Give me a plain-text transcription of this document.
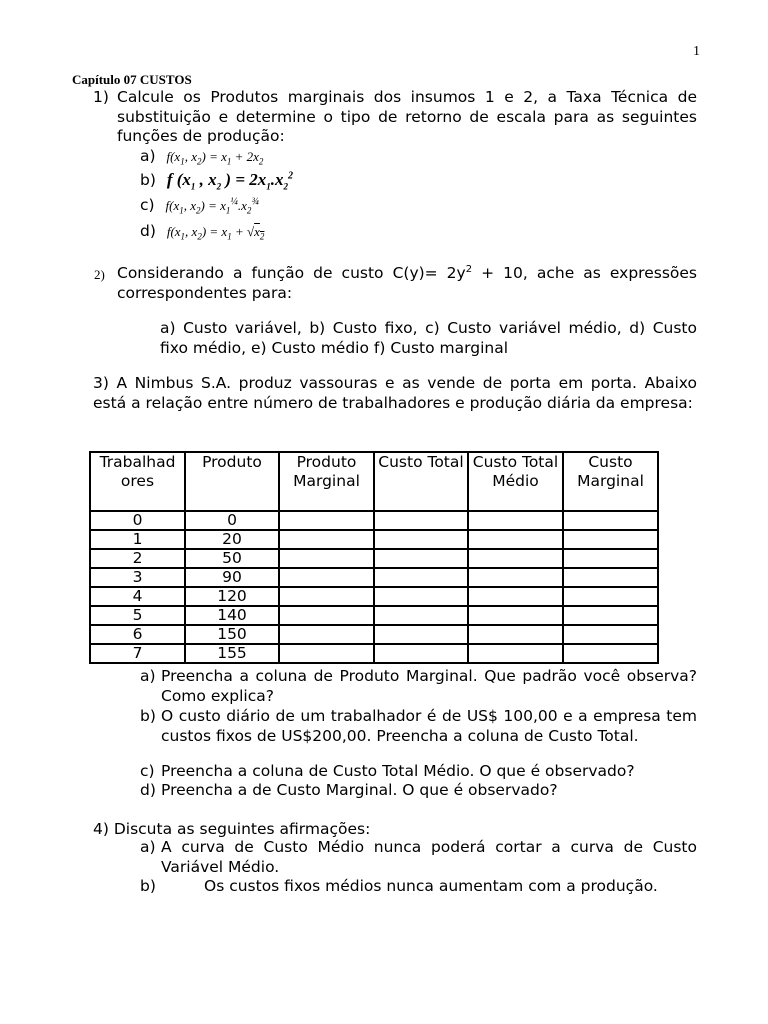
1
Capítulo 07 CUSTOS
1) Calcule os Produtos marginais dos insumos 1 e 2, a Taxa Técnica de substituição e determine o tipo de retorno de escala para as seguintes funções de produção:
a) $f(x_1$, $x_2) = x_1 + 2x_2$
b) f ($x_1$ , $x_2$ ) = $2x_1.x_2^2$
c) $f(x_1$, $x_2) = x_1^{\frac{1}{4}}.x_2^{\frac{3}{4}}$
d) $f(x_1$, $x_2) = x_1 + √x_2$
2) Considerando a função de custo $C(y)= 2y^2 + 10$, ache as expressões correspondentes para:
a) Custo variável, b) Custo fixo, c) Custo variável médio, d) Custo fixo médio, e) Custo médio f) Custo marginal
3) A Nimbus S.A. produz vassouras e as vende de porta em porta. Abaixo está a relação entre número de trabalhadores e produção diária da empresa:
Trabalhad ores	Produto	Produto Marginal	Custo Total	Custo Total Médio	Custo Marginal
0	0				
1	20				
2	50				
3	90				
4	120				
5	140				
6	150				
7	155				
a) Preencha a coluna de Produto Marginal. Que padrão você observa? Como explica?
b) O custo diário de um trabalhador é de US$ 100,00 e a empresa tem custos fixos de US$200,00. Preencha a coluna de Custo Total.
c) Preencha a coluna de Custo Total Médio. O que é observado?
d) Preencha a de Custo Marginal. O que é observado?
4) Discuta as seguintes afirmações:
a) A curva de Custo Médio nunca poderá cortar a curva de Custo Variável Médio.
b)	Os custos fixos médios nunca aumentam com a produção.
